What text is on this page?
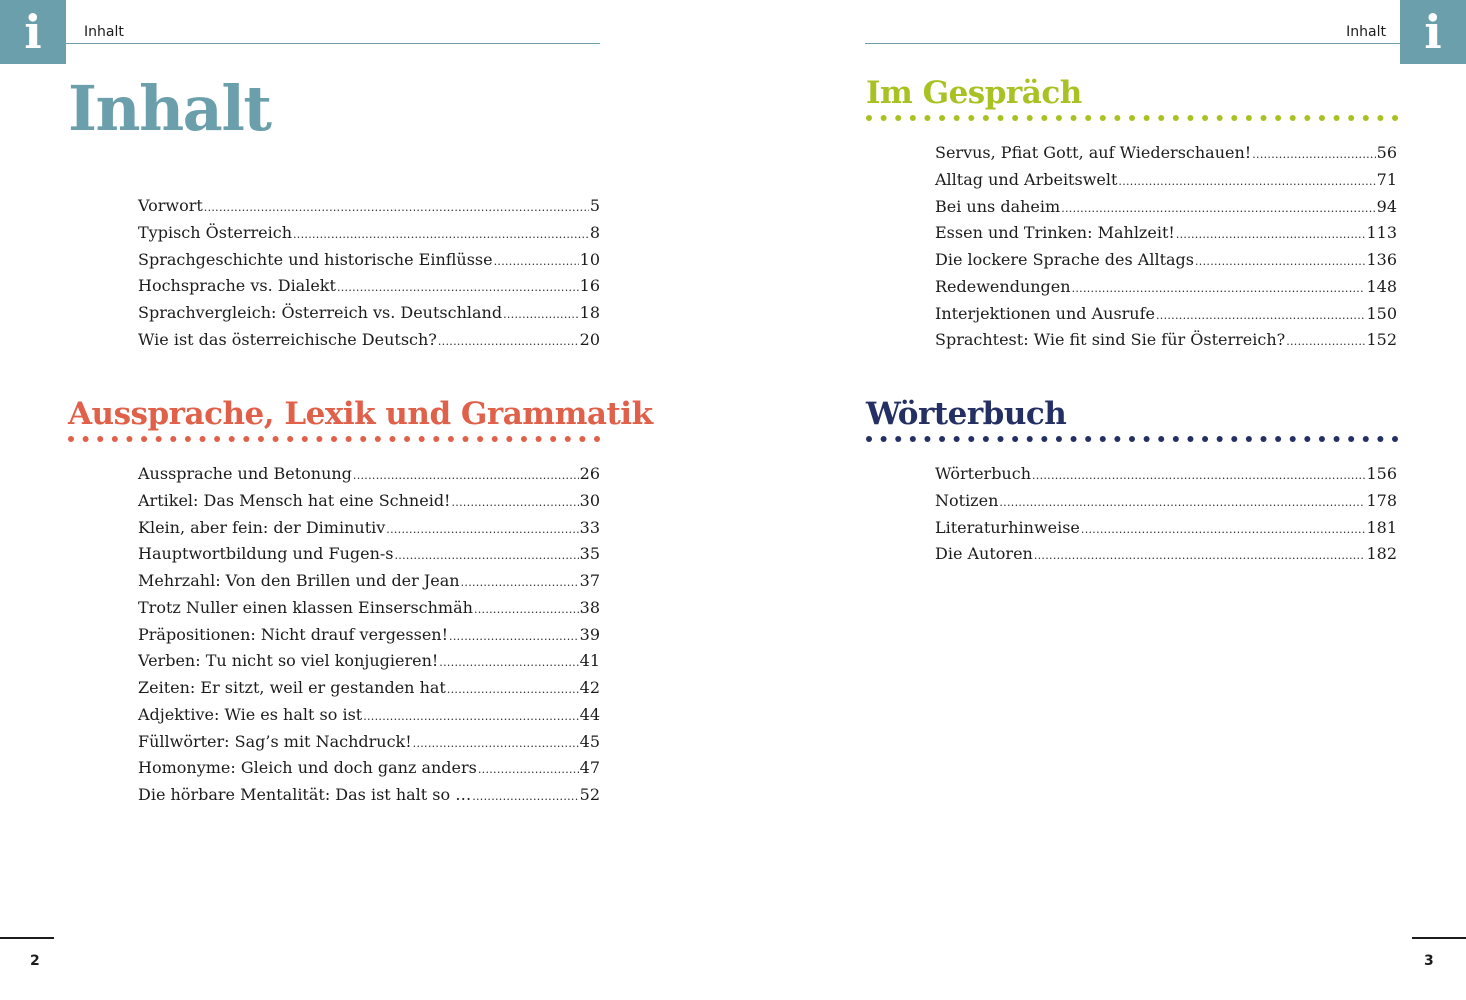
i	Inhalt
Inhalt
Vorwort .....	5
Typisch Österreich .....	8
Sprachgeschichte und historische Einflüsse .....	10
Hochsprache vs. Dialekt .....	16
Sprachvergleich: Österreich vs. Deutschland .....	18
Wie ist das österreichische Deutsch? .....	20
Aussprache, Lexik und Grammatik
Aussprache und Betonung .....	26
Artikel: Das Mensch hat eine Schneid! .....	30
Klein, aber fein: der Diminutiv .....	33
Hauptwortbildung und Fugen-s .....	35
Mehrzahl: Von den Brillen und der Jean .....	37
Trotz Nuller einen klassen Einserschmäh .....	38
Präpositionen: Nicht drauf vergessen! .....	39
Verben: Tu nicht so viel konjugieren! .....	41
Zeiten: Er sitzt, weil er gestanden hat .....	42
Adjektive: Wie es halt so ist .....	44
Füllwörter: Sag’s mit Nachdruck! .....	45
Homonyme: Gleich und doch ganz anders .....	47
Die hörbare Mentalität: Das ist halt so … .....	52
2
i
Inhalt
Im Gespräch
Servus, Pfiat Gott, auf Wiederschauen! .....	56
Alltag und Arbeitswelt .....	71
Bei uns daheim .....	94
Essen und Trinken: Mahlzeit! .....	113
Die lockere Sprache des Alltags .....	136
Redewendungen .....	148
Interjektionen und Ausrufe .....	150
Sprachtest: Wie fit sind Sie für Österreich? .....	152
Wörterbuch
Wörterbuch .....	156
Notizen .....	178
Literaturhinweise .....	181
Die Autoren .....	182
3
